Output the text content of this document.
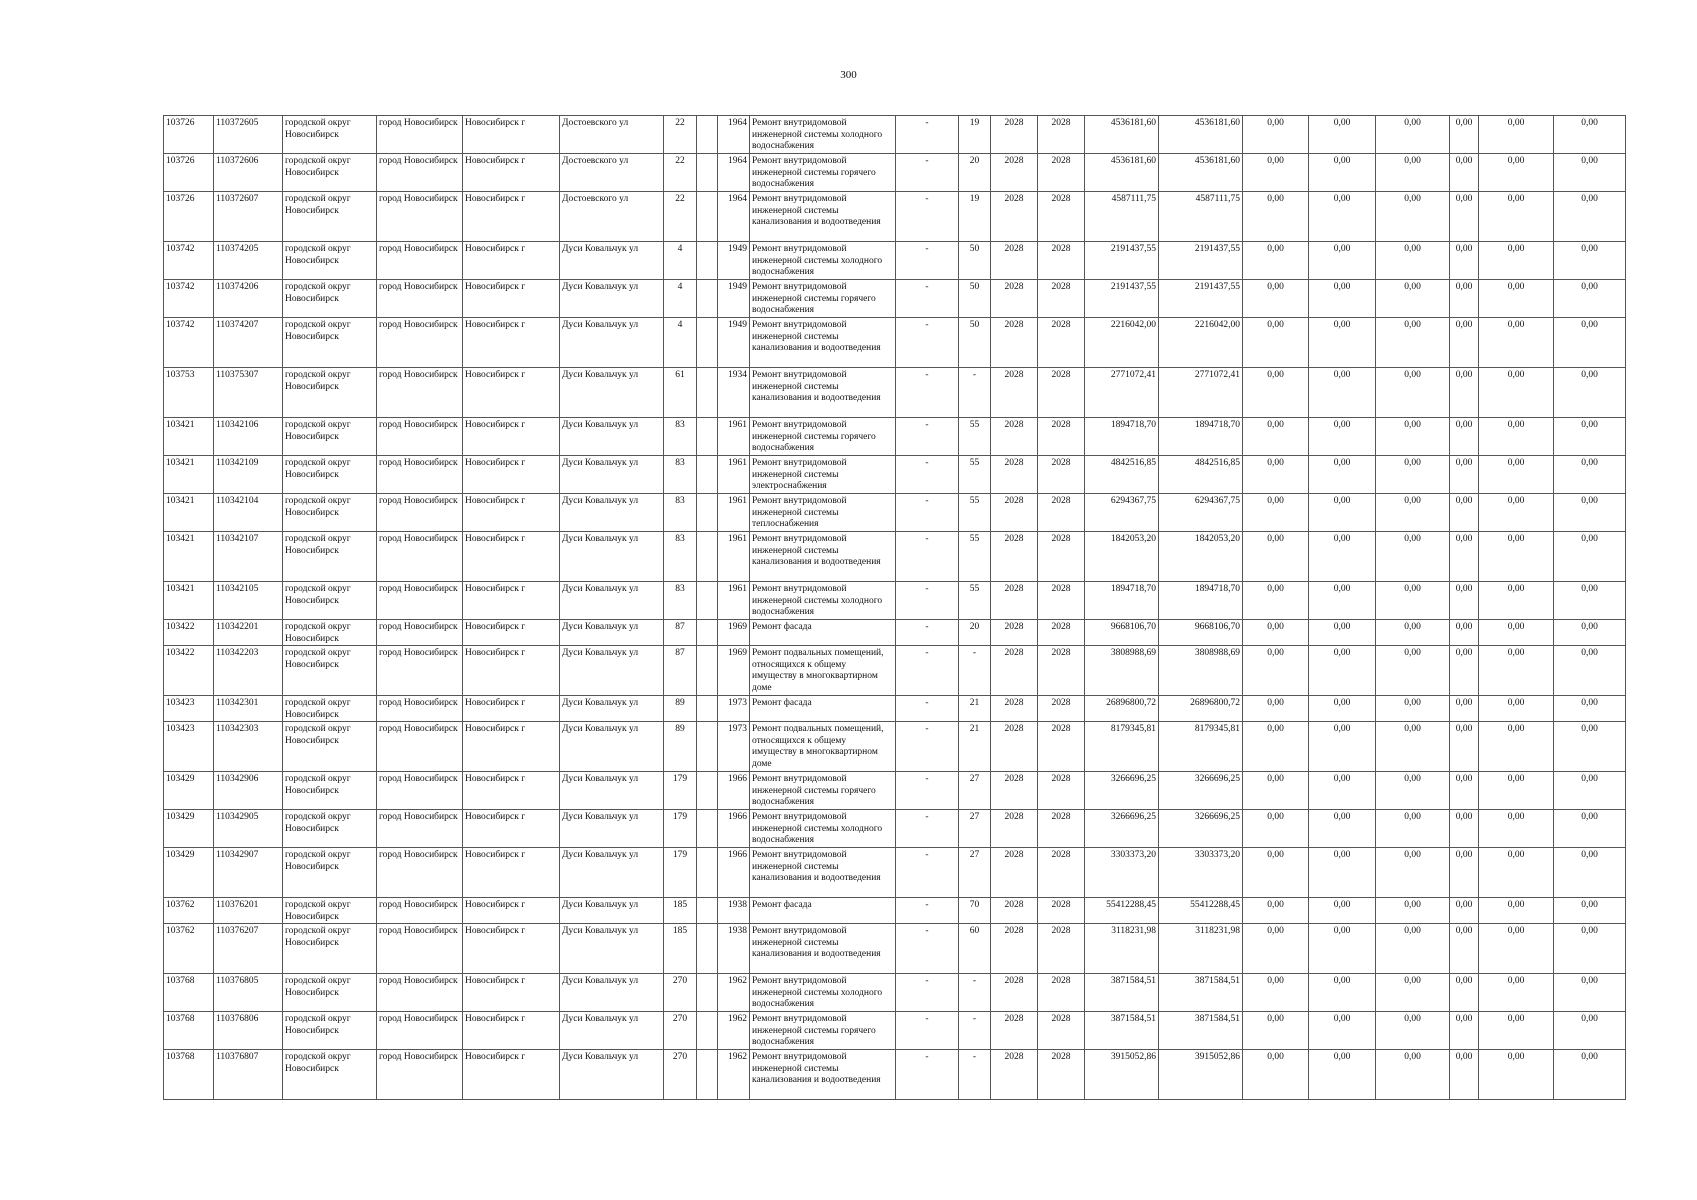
300
103726	110372605	городской округ Новосибирск	город Новосибирск	Новосибирск г	Достоевского ул	22		1964	Ремонт внутридомовой инженерной системы холодного водоснабжения	-	19	2028	2028	4536181,60	4536181,60	0,00	0,00	0,00	0,00	0,00	0,00
103726	110372606	городской округ Новосибирск	город Новосибирск	Новосибирск г	Достоевского ул	22		1964	Ремонт внутридомовой инженерной системы горячего водоснабжения	-	20	2028	2028	4536181,60	4536181,60	0,00	0,00	0,00	0,00	0,00	0,00
103726	110372607	городской округ Новосибирск	город Новосибирск	Новосибирск г	Достоевского ул	22		1964	Ремонт внутридомовой инженерной системы канализования и водоотведения	-	19	2028	2028	4587111,75	4587111,75	0,00	0,00	0,00	0,00	0,00	0,00
103742	110374205	городской округ Новосибирск	город Новосибирск	Новосибирск г	Дуси Ковальчук ул	4		1949	Ремонт внутридомовой инженерной системы холодного водоснабжения	-	50	2028	2028	2191437,55	2191437,55	0,00	0,00	0,00	0,00	0,00	0,00
103742	110374206	городской округ Новосибирск	город Новосибирск	Новосибирск г	Дуси Ковальчук ул	4		1949	Ремонт внутридомовой инженерной системы горячего водоснабжения	-	50	2028	2028	2191437,55	2191437,55	0,00	0,00	0,00	0,00	0,00	0,00
103742	110374207	городской округ Новосибирск	город Новосибирск	Новосибирск г	Дуси Ковальчук ул	4		1949	Ремонт внутридомовой инженерной системы канализования и водоотведения	-	50	2028	2028	2216042,00	2216042,00	0,00	0,00	0,00	0,00	0,00	0,00
103753	110375307	городской округ Новосибирск	город Новосибирск	Новосибирск г	Дуси Ковальчук ул	61		1934	Ремонт внутридомовой инженерной системы канализования и водоотведения	-	-	2028	2028	2771072,41	2771072,41	0,00	0,00	0,00	0,00	0,00	0,00
103421	110342106	городской округ Новосибирск	город Новосибирск	Новосибирск г	Дуси Ковальчук ул	83		1961	Ремонт внутридомовой инженерной системы горячего водоснабжения	-	55	2028	2028	1894718,70	1894718,70	0,00	0,00	0,00	0,00	0,00	0,00
103421	110342109	городской округ Новосибирск	город Новосибирск	Новосибирск г	Дуси Ковальчук ул	83		1961	Ремонт внутридомовой инженерной системы электроснабжения	-	55	2028	2028	4842516,85	4842516,85	0,00	0,00	0,00	0,00	0,00	0,00
103421	110342104	городской округ Новосибирск	город Новосибирск	Новосибирск г	Дуси Ковальчук ул	83		1961	Ремонт внутридомовой инженерной системы теплоснабжения	-	55	2028	2028	6294367,75	6294367,75	0,00	0,00	0,00	0,00	0,00	0,00
103421	110342107	городской округ Новосибирск	город Новосибирск	Новосибирск г	Дуси Ковальчук ул	83		1961	Ремонт внутридомовой инженерной системы канализования и водоотведения	-	55	2028	2028	1842053,20	1842053,20	0,00	0,00	0,00	0,00	0,00	0,00
103421	110342105	городской округ Новосибирск	город Новосибирск	Новосибирск г	Дуси Ковальчук ул	83		1961	Ремонт внутридомовой инженерной системы холодного водоснабжения	-	55	2028	2028	1894718,70	1894718,70	0,00	0,00	0,00	0,00	0,00	0,00
103422	110342201	городской округ Новосибирск	город Новосибирск	Новосибирск г	Дуси Ковальчук ул	87		1969	Ремонт фасада	-	20	2028	2028	9668106,70	9668106,70	0,00	0,00	0,00	0,00	0,00	0,00
103422	110342203	городской округ Новосибирск	город Новосибирск	Новосибирск г	Дуси Ковальчук ул	87		1969	Ремонт подвальных помещений, относящихся к общему имуществу в многоквартирном доме	-	-	2028	2028	3808988,69	3808988,69	0,00	0,00	0,00	0,00	0,00	0,00
103423	110342301	городской округ Новосибирск	город Новосибирск	Новосибирск г	Дуси Ковальчук ул	89		1973	Ремонт фасада	-	21	2028	2028	26896800,72	26896800,72	0,00	0,00	0,00	0,00	0,00	0,00
103423	110342303	городской округ Новосибирск	город Новосибирск	Новосибирск г	Дуси Ковальчук ул	89		1973	Ремонт подвальных помещений, относящихся к общему имуществу в многоквартирном доме	-	21	2028	2028	8179345,81	8179345,81	0,00	0,00	0,00	0,00	0,00	0,00
103429	110342906	городской округ Новосибирск	город Новосибирск	Новосибирск г	Дуси Ковальчук ул	179		1966	Ремонт внутридомовой инженерной системы горячего водоснабжения	-	27	2028	2028	3266696,25	3266696,25	0,00	0,00	0,00	0,00	0,00	0,00
103429	110342905	городской округ Новосибирск	город Новосибирск	Новосибирск г	Дуси Ковальчук ул	179		1966	Ремонт внутридомовой инженерной системы холодного водоснабжения	-	27	2028	2028	3266696,25	3266696,25	0,00	0,00	0,00	0,00	0,00	0,00
103429	110342907	городской округ Новосибирск	город Новосибирск	Новосибирск г	Дуси Ковальчук ул	179		1966	Ремонт внутридомовой инженерной системы канализования и водоотведения	-	27	2028	2028	3303373,20	3303373,20	0,00	0,00	0,00	0,00	0,00	0,00
103762	110376201	городской округ Новосибирск	город Новосибирск	Новосибирск г	Дуси Ковальчук ул	185		1938	Ремонт фасада	-	70	2028	2028	55412288,45	55412288,45	0,00	0,00	0,00	0,00	0,00	0,00
103762	110376207	городской округ Новосибирск	город Новосибирск	Новосибирск г	Дуси Ковальчук ул	185		1938	Ремонт внутридомовой инженерной системы канализования и водоотведения	-	60	2028	2028	3118231,98	3118231,98	0,00	0,00	0,00	0,00	0,00	0,00
103768	110376805	городской округ Новосибирск	город Новосибирск	Новосибирск г	Дуси Ковальчук ул	270		1962	Ремонт внутридомовой инженерной системы холодного водоснабжения	-	-	2028	2028	3871584,51	3871584,51	0,00	0,00	0,00	0,00	0,00	0,00
103768	110376806	городской округ Новосибирск	город Новосибирск	Новосибирск г	Дуси Ковальчук ул	270		1962	Ремонт внутридомовой инженерной системы горячего водоснабжения	-	-	2028	2028	3871584,51	3871584,51	0,00	0,00	0,00	0,00	0,00	0,00
103768	110376807	городской округ Новосибирск	город Новосибирск	Новосибирск г	Дуси Ковальчук ул	270		1962	Ремонт внутридомовой инженерной системы канализования и водоотведения	-	-	2028	2028	3915052,86	3915052,86	0,00	0,00	0,00	0,00	0,00	0,00
